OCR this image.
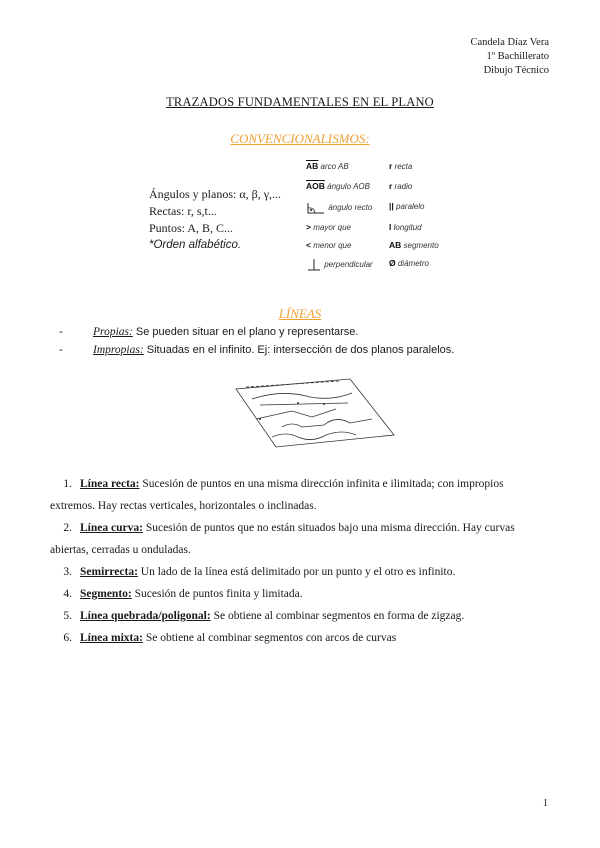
Candela Díaz Vera
1º Bachillerato
Dibujo Técnico
TRAZADOS FUNDAMENTALES EN EL PLANO
CONVENCIONALISMOS:
Ángulos y planos: α, β, γ,...
Rectas: r, s,t...
Puntos: A, B, C...
*Orden alfabético.
$\overline{AB}$ arco AB
$\overline{AOB}$ ángulo AOB
ángulo recto
> mayor que
< menor que
perpendicular
r recta
r radio
|| paralelo
l longitud
AB segmento
Ø diámetro
LÍNEAS
-	Propias: Se pueden situar en el plano y representarse.
-	Impropias: Situadas en el infinito. Ej: intersección de dos planos paralelos.
1. Línea recta: Sucesión de puntos en una misma dirección infinita e ilimitada; con impropios extremos. Hay rectas verticales, horizontales o inclinadas.
2. Línea curva: Sucesión de puntos que no están situados bajo una misma dirección. Hay curvas abiertas, cerradas u onduladas.
3. Semirrecta: Un lado de la línea está delimitado por un punto y el otro es infinito.
4. Segmento: Sucesión de puntos finita y limitada.
5. Línea quebrada/poligonal: Se obtiene al combinar segmentos en forma de zigzag.
6. Línea mixta: Se obtiene al combinar segmentos con arcos de curvas
1
